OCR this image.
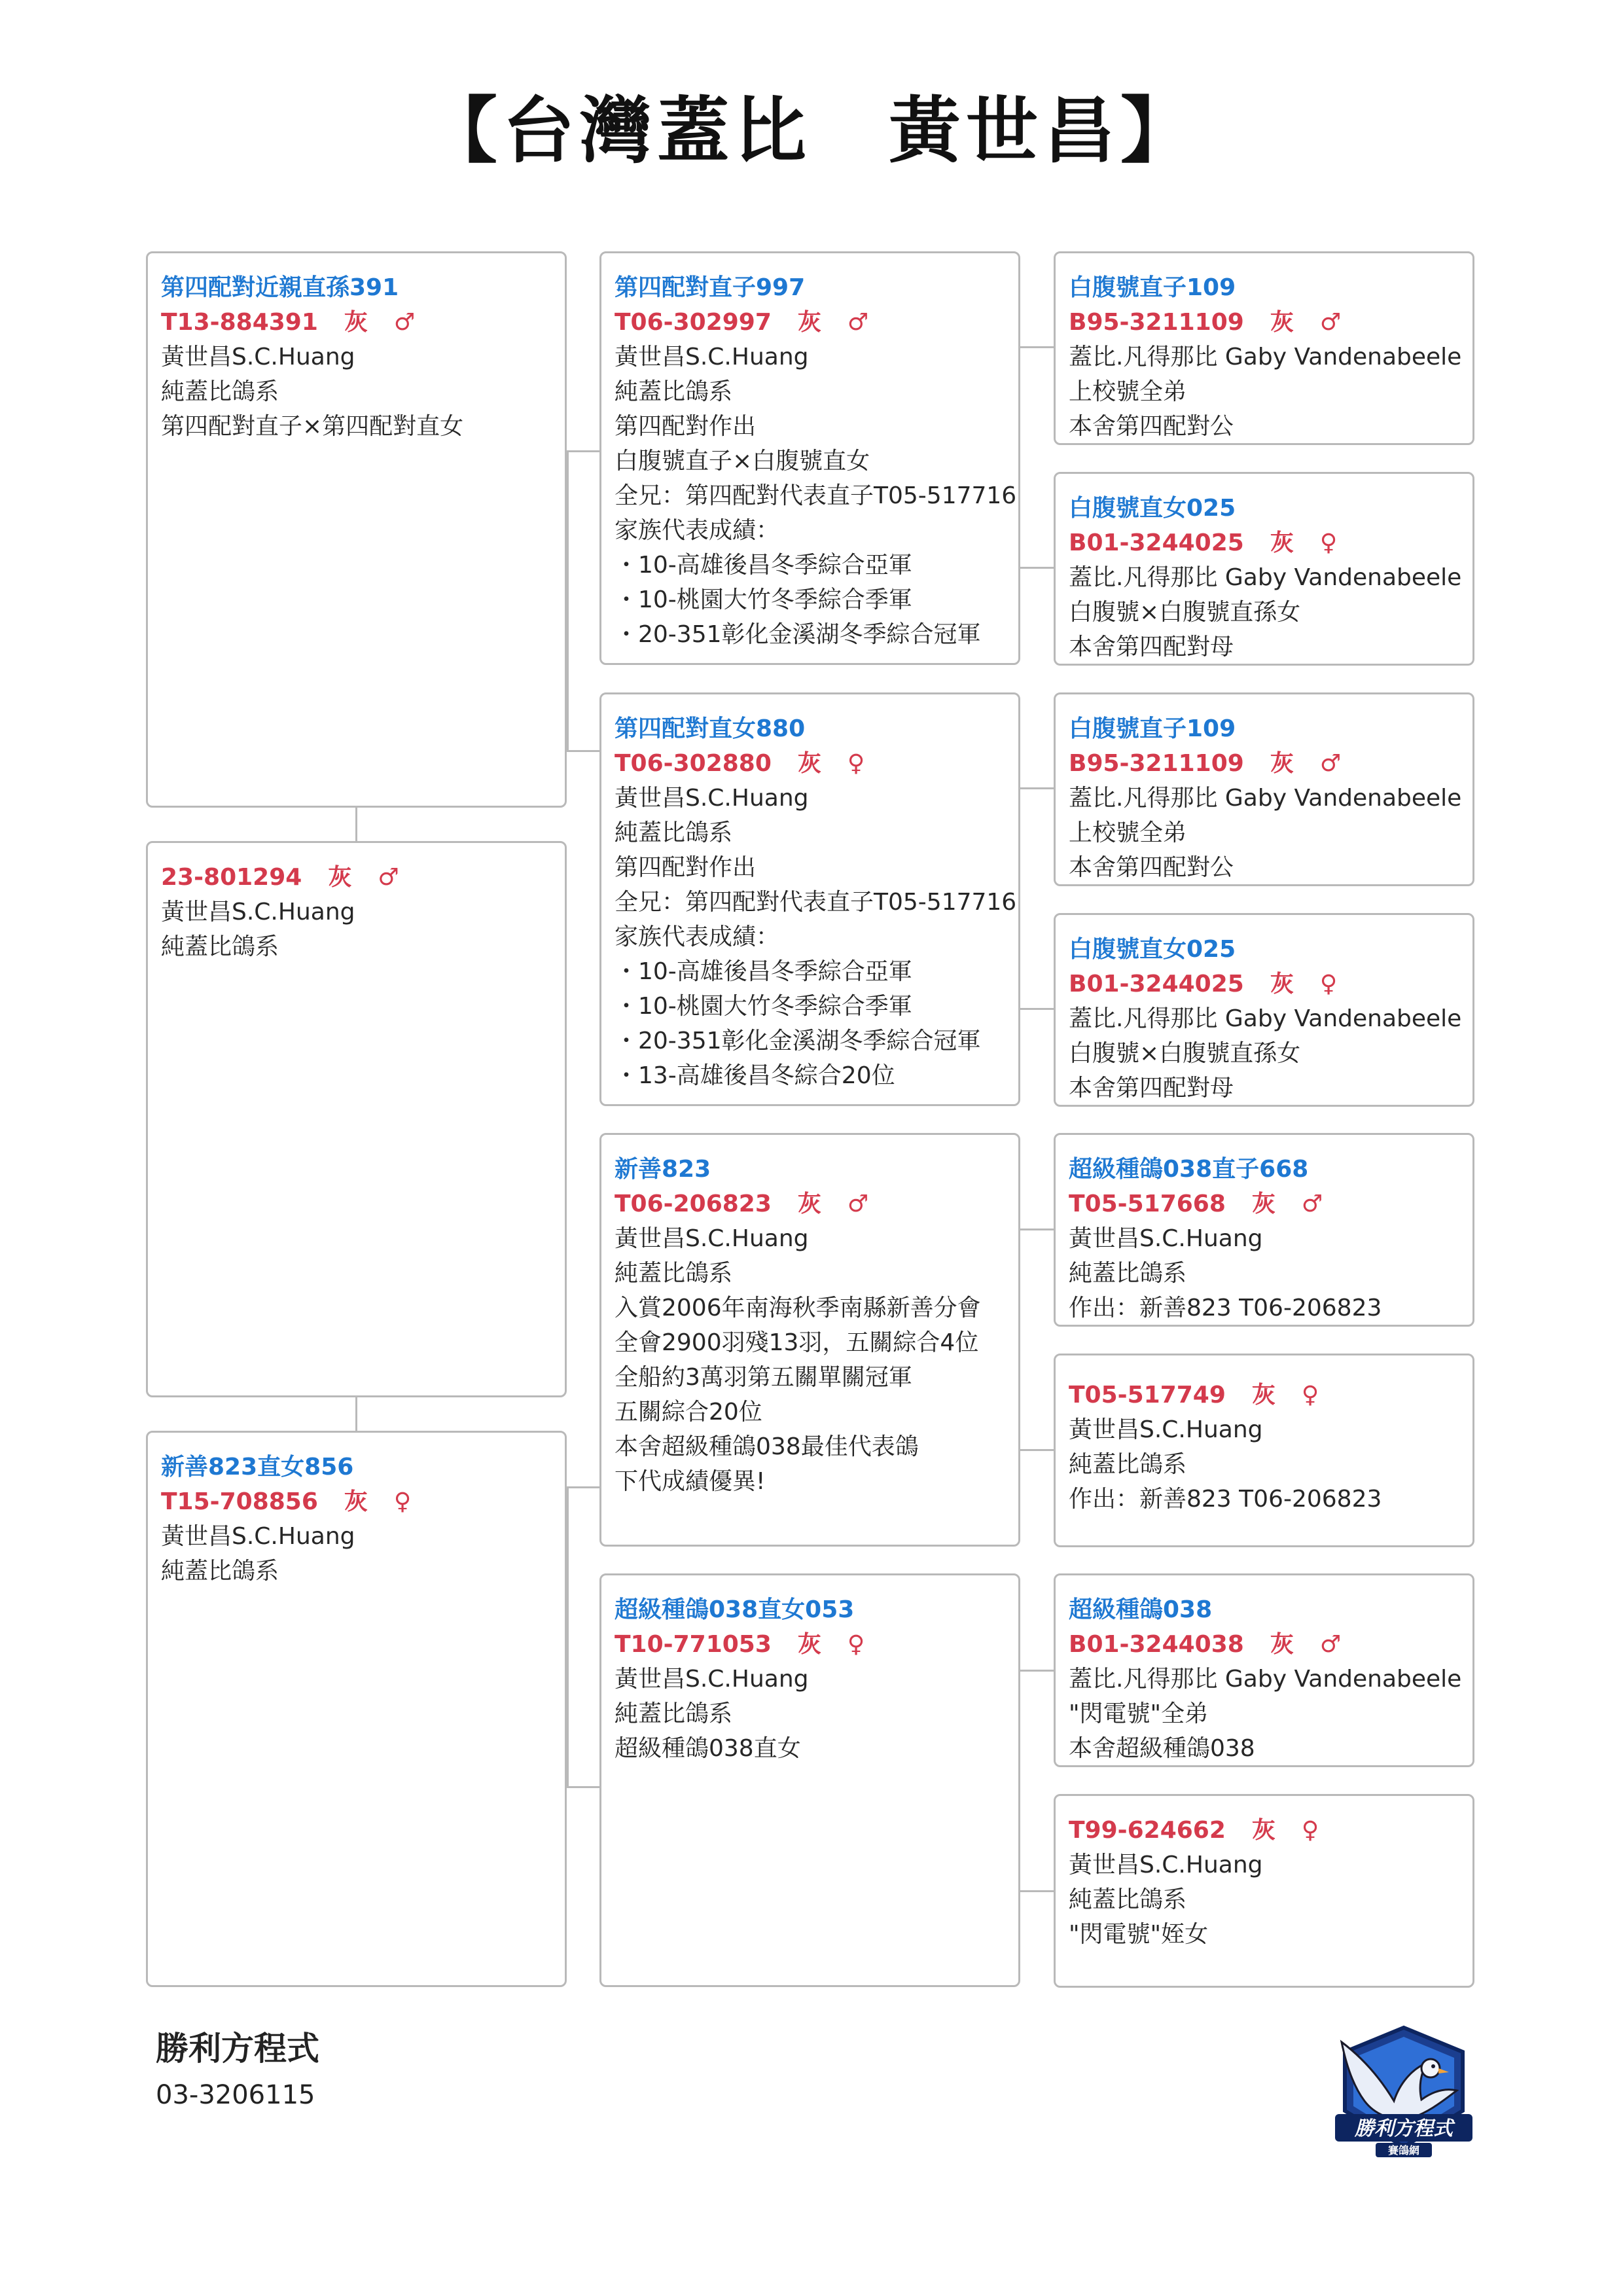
【台灣蓋比　黃世昌】
第四配對近親直孫391
T13-884391 灰 ♂
黃世昌S.C.Huang
純蓋比鴿系
第四配對直子×第四配對直女
23-801294 灰 ♂
黃世昌S.C.Huang
純蓋比鴿系
新善823直女856
T15-708856 灰 ♀
黃世昌S.C.Huang
純蓋比鴿系
第四配對直子997
T06-302997 灰 ♂
黃世昌S.C.Huang
純蓋比鴿系
第四配對作出
白腹號直子×白腹號直女
全兄：第四配對代表直子T05-517716
家族代表成績：
・10-高雄後昌冬季綜合亞軍
・10-桃園大竹冬季綜合季軍
・20-351彰化金溪湖冬季綜合冠軍
第四配對直女880
T06-302880 灰 ♀
黃世昌S.C.Huang
純蓋比鴿系
第四配對作出
全兄：第四配對代表直子T05-517716
家族代表成績：
・10-高雄後昌冬季綜合亞軍
・10-桃園大竹冬季綜合季軍
・20-351彰化金溪湖冬季綜合冠軍
・13-高雄後昌冬綜合20位
新善823
T06-206823 灰 ♂
黃世昌S.C.Huang
純蓋比鴿系
入賞2006年南海秋季南縣新善分會
全會2900羽殘13羽，五關綜合4位
全船約3萬羽第五關單關冠軍
五關綜合20位
本舍超級種鴿038最佳代表鴿
下代成績優異!
超級種鴿038直女053
T10-771053 灰 ♀
黃世昌S.C.Huang
純蓋比鴿系
超級種鴿038直女
白腹號直子109
B95-3211109 灰 ♂
蓋比.凡得那比 Gaby Vandenabeele
上校號全弟
本舍第四配對公
白腹號直女025
B01-3244025 灰 ♀
蓋比.凡得那比 Gaby Vandenabeele
白腹號×白腹號直孫女
本舍第四配對母
白腹號直子109
B95-3211109 灰 ♂
蓋比.凡得那比 Gaby Vandenabeele
上校號全弟
本舍第四配對公
白腹號直女025
B01-3244025 灰 ♀
蓋比.凡得那比 Gaby Vandenabeele
白腹號×白腹號直孫女
本舍第四配對母
超級種鴿038直子668
T05-517668 灰 ♂
黃世昌S.C.Huang
純蓋比鴿系
作出：新善823 T06-206823
T05-517749 灰 ♀
黃世昌S.C.Huang
純蓋比鴿系
作出：新善823 T06-206823
超級種鴿038
B01-3244038 灰 ♂
蓋比.凡得那比 Gaby Vandenabeele
"閃電號"全弟
本舍超級種鴿038
T99-624662 灰 ♀
黃世昌S.C.Huang
純蓋比鴿系
"閃電號"姪女
勝利方程式
03-3206115
勝利方程式
賽鴿網
